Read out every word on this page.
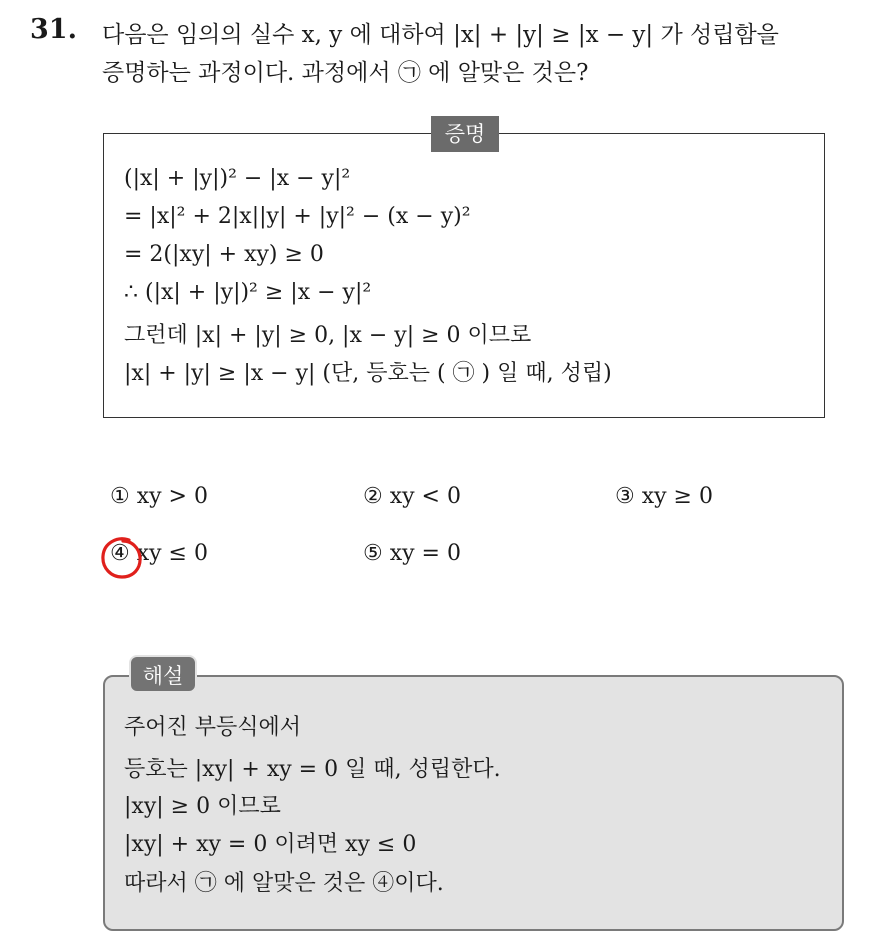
31. 다음은 임의의 실수 x, y 에 대하여 |x| + |y| ≥ |x − y| 가 성립함을
증명하는 과정이다. 과정에서 ㉠ 에 알맞은 것은?
증명
(|x| + |y|)² − |x − y|²
= |x|² + 2|x||y| + |y|² − (x − y)²
= 2(|xy| + xy) ≥ 0
∴ (|x| + |y|)² ≥ |x − y|²
그런데 |x| + |y| ≥ 0, |x − y| ≥ 0 이므로
|x| + |y| ≥ |x − y| (단, 등호는 ( ㉠ ) 일 때, 성립)
① xy > 0	② xy < 0	③ xy ≥ 0
④ xy ≤ 0	⑤ xy = 0
해설
주어진 부등식에서
등호는 |xy| + xy = 0 일 때, 성립한다.
|xy| ≥ 0 이므로
|xy| + xy = 0 이려면 xy ≤ 0
따라서 ㉠ 에 알맞은 것은 ④이다.
